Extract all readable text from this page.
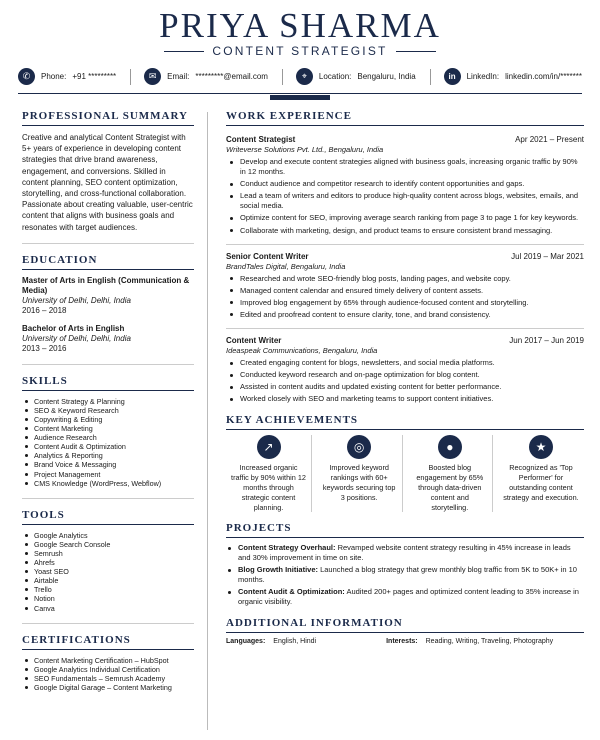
PRIYA SHARMA
CONTENT STRATEGIST
✆	Phone: +91 *********	✉	Email: *********@email.com	⌖	Location: Bengaluru, India	in	LinkedIn: linkedin.com/in/*******
PROFESSIONAL SUMMARY

Creative and analytical Content Strategist with 5+ years of experience in developing content strategies that drive brand awareness, engagement, and conversions. Skilled in content planning, SEO content optimization, storytelling, and cross-functional collaboration. Passionate about creating valuable, user-centric content that aligns with business goals and resonates with target audiences.

EDUCATION
Master of Arts in English (Communication & Media)
University of Delhi, Delhi, India
2016 – 2018
Bachelor of Arts in English
University of Delhi, Delhi, India
2013 – 2016
SKILLS
Content Strategy & Planning
SEO & Keyword Research
Copywriting & Editing
Content Marketing
Audience Research
Content Audit & Optimization
Analytics & Reporting
Brand Voice & Messaging
Project Management
CMS Knowledge (WordPress, Webflow)
TOOLS
Google Analytics
Google Search Console
Semrush
Ahrefs
Yoast SEO
Airtable
Trello
Notion
Canva
CERTIFICATIONS
Content Marketing Certification – HubSpot
Google Analytics Individual Certification
SEO Fundamentals – Semrush Academy
Google Digital Garage – Content Marketing
WORK EXPERIENCE
Content Strategist	Apr 2021 – Present
Writeverse Solutions Pvt. Ltd., Bengaluru, India
Develop and execute content strategies aligned with business goals, increasing organic traffic by 90% in 12 months.
Conduct audience and competitor research to identify content opportunities and gaps.
Lead a team of writers and editors to produce high-quality content across blogs, websites, emails, and social media.
Optimize content for SEO, improving average search ranking from page 3 to page 1 for key keywords.
Collaborate with marketing, design, and product teams to ensure consistent brand messaging.
Senior Content Writer	Jul 2019 – Mar 2021
BrandTales Digital, Bengaluru, India
Researched and wrote SEO-friendly blog posts, landing pages, and website copy.
Managed content calendar and ensured timely delivery of content assets.
Improved blog engagement by 65% through audience-focused content and storytelling.
Edited and proofread content to ensure clarity, tone, and brand consistency.
Content Writer	Jun 2017 – Jun 2019
Ideaspeak Communications, Bengaluru, India
Created engaging content for blogs, newsletters, and social media platforms.
Conducted keyword research and on-page optimization for blog content.
Assisted in content audits and updated existing content for better performance.
Worked closely with SEO and marketing teams to support content initiatives.
KEY ACHIEVEMENTS
↗
Increased organic traffic by 90% within 12 months through strategic content planning.
◎
Improved keyword rankings with 60+ keywords securing top 3 positions.
●
Boosted blog engagement by 65% through data-driven content and storytelling.
★
Recognized as 'Top Performer' for outstanding content strategy and execution.
PROJECTS
Content Strategy Overhaul: Revamped website content strategy resulting in 45% increase in leads and 30% improvement in time on site.
Blog Growth Initiative: Launched a blog strategy that grew monthly blog traffic from 5K to 50K+ in 10 months.
Content Audit & Optimization: Audited 200+ pages and optimized content leading to 35% increase in organic visibility.
ADDITIONAL INFORMATION
Languages: English, Hindi	Interests: Reading, Writing, Traveling, Photography
